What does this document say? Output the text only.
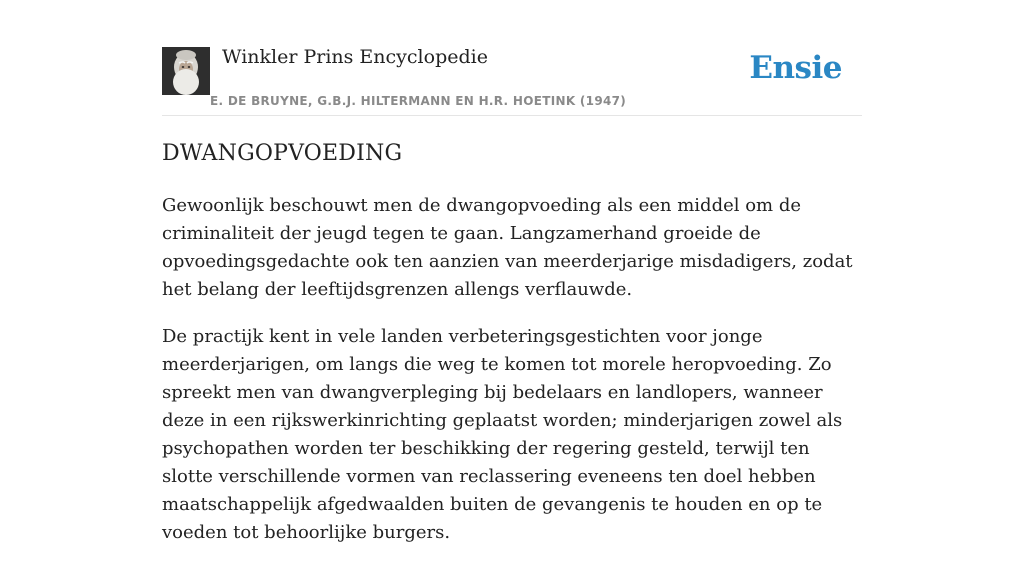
Winkler Prins Encyclopedie
E. DE BRUYNE, G.B.J. HILTERMANN EN H.R. HOETINK (1947)
Ensie
DWANGOPVOEDING

Gewoonlijk beschouwt men de dwangopvoeding als een middel om de criminaliteit der jeugd tegen te gaan. Langzamerhand groeide de opvoedingsgedachte ook ten aanzien van meerderjarige misdadigers, zodat het belang der leeftijdsgrenzen allengs verflauwde.

De practijk kent in vele landen verbeteringsgestichten voor jonge meerderjarigen, om langs die weg te komen tot morele heropvoeding. Zo spreekt men van dwangverpleging bij bedelaars en landlopers, wanneer deze in een rijkswerkinrichting geplaatst worden; minderjarigen zowel als psychopathen worden ter beschikking der regering gesteld, terwijl ten slotte verschillende vormen van reclassering eveneens ten doel hebben maatschappelijk afgedwaalden buiten de gevangenis te houden en op te voeden tot behoorlijke burgers.
